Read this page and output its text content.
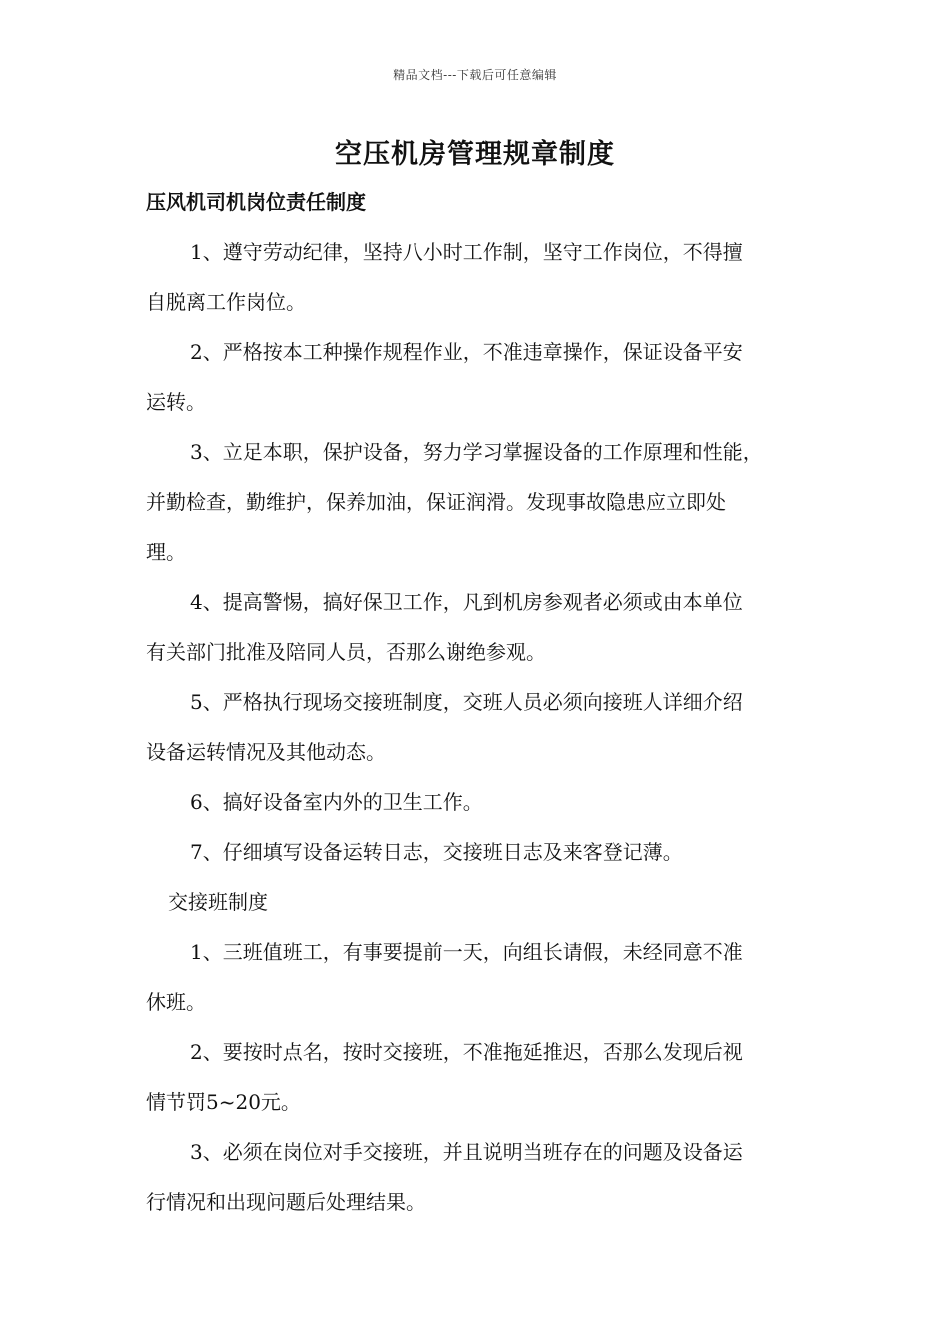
精品文档---下载后可任意编辑
空压机房管理规章制度
压风机司机岗位责任制度
1、遵守劳动纪律，坚持八小时工作制，坚守工作岗位，不得擅
自脱离工作岗位。
2、严格按本工种操作规程作业，不准违章操作，保证设备平安
运转。
3、立足本职，保护设备，努力学习掌握设备的工作原理和性能，
并勤检查，勤维护，保养加油，保证润滑。发现事故隐患应立即处
理。
4、提高警惕，搞好保卫工作，凡到机房参观者必须或由本单位
有关部门批准及陪同人员，否那么谢绝参观。
5、严格执行现场交接班制度，交班人员必须向接班人详细介绍
设备运转情况及其他动态。
6、搞好设备室内外的卫生工作。
7、仔细填写设备运转日志，交接班日志及来客登记薄。
交接班制度
1、三班值班工，有事要提前一天，向组长请假，未经同意不准
休班。
2、要按时点名，按时交接班，不准拖延推迟，否那么发现后视
情节罚5~20元。
3、必须在岗位对手交接班，并且说明当班存在的问题及设备运
行情况和出现问题后处理结果。
